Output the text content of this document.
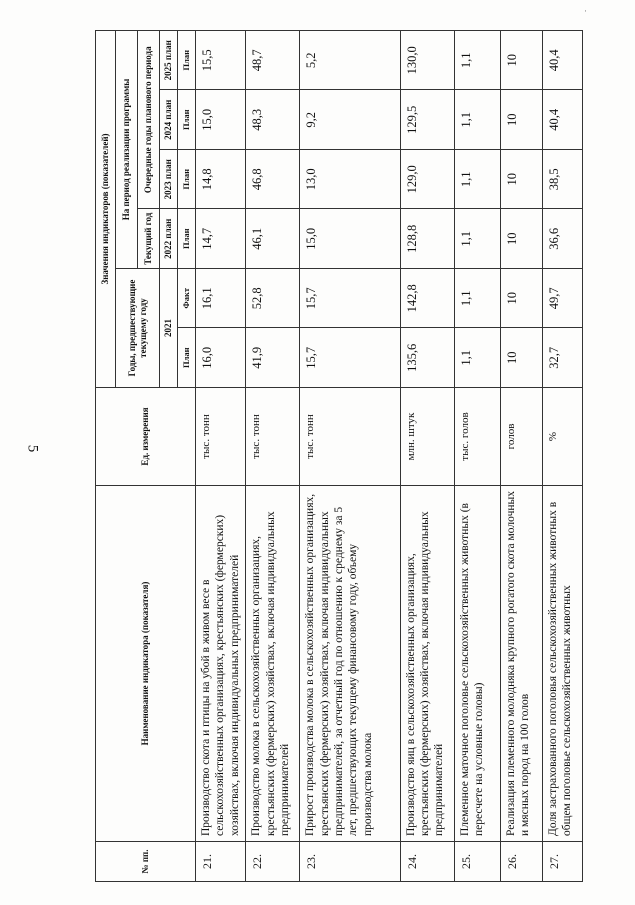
5
·
№ пп.	Наименование индикатора (показателя)	Ед. измерения	Значения индикаторов (показателей)					
			Годы, предшествующие текущему году		На период реализации программы			
					Текущий год	Очередные годы планового периода		
			2021		2022 план	2023 план	2024 план	2025 план
			План	Факт	План	План	План	План
21.	Производство скота и птицы на убой в живом весе в сельскохозяйственных организациях, крестьянских (фермерских) хозяйствах, включая индивидуальных предпринимателей	тыс. тонн	16,0	16,1	14,7	14,8	15,0	15,5
22.	Производство молока в сельскохозяйственных организациях, крестьянских (фермерских) хозяйствах, включая индивидуальных предпринимателей	тыс. тонн	41,9	52,8	46,1	46,8	48,3	48,7
23.	Прирост производства молока в сельскохозяйственных организациях, крестьянских (фермерских) хозяйствах, включая индивидуальных предпринимателей, за отчетный год по отношению к среднему за 5 лет, предшествующих текущему финансовому году, объему производства молока	тыс. тонн	15,7	15,7	15,0	13,0	9,2	5,2
24.	Производство яиц в сельскохозяйственных организациях, крестьянских (фермерских) хозяйствах, включая индивидуальных предпринимателей	млн. штук	135,6	142,8	128,8	129,0	129,5	130,0
25.	Племенное маточное поголовье сельскохозяйственных животных (в пересчете на условные головы)	тыс. голов	1,1	1,1	1,1	1,1	1,1	1,1
26.	Реализация племенного молодняка крупного рогатого скота молочных и мясных пород на 100 голов	голов	10	10	10	10	10	10
27.	Доля застрахованного поголовья сельскохозяйственных животных в общем поголовье сельскохозяйственных животных	%	32,7	49,7	36,6	38,5	40,4	40,4
